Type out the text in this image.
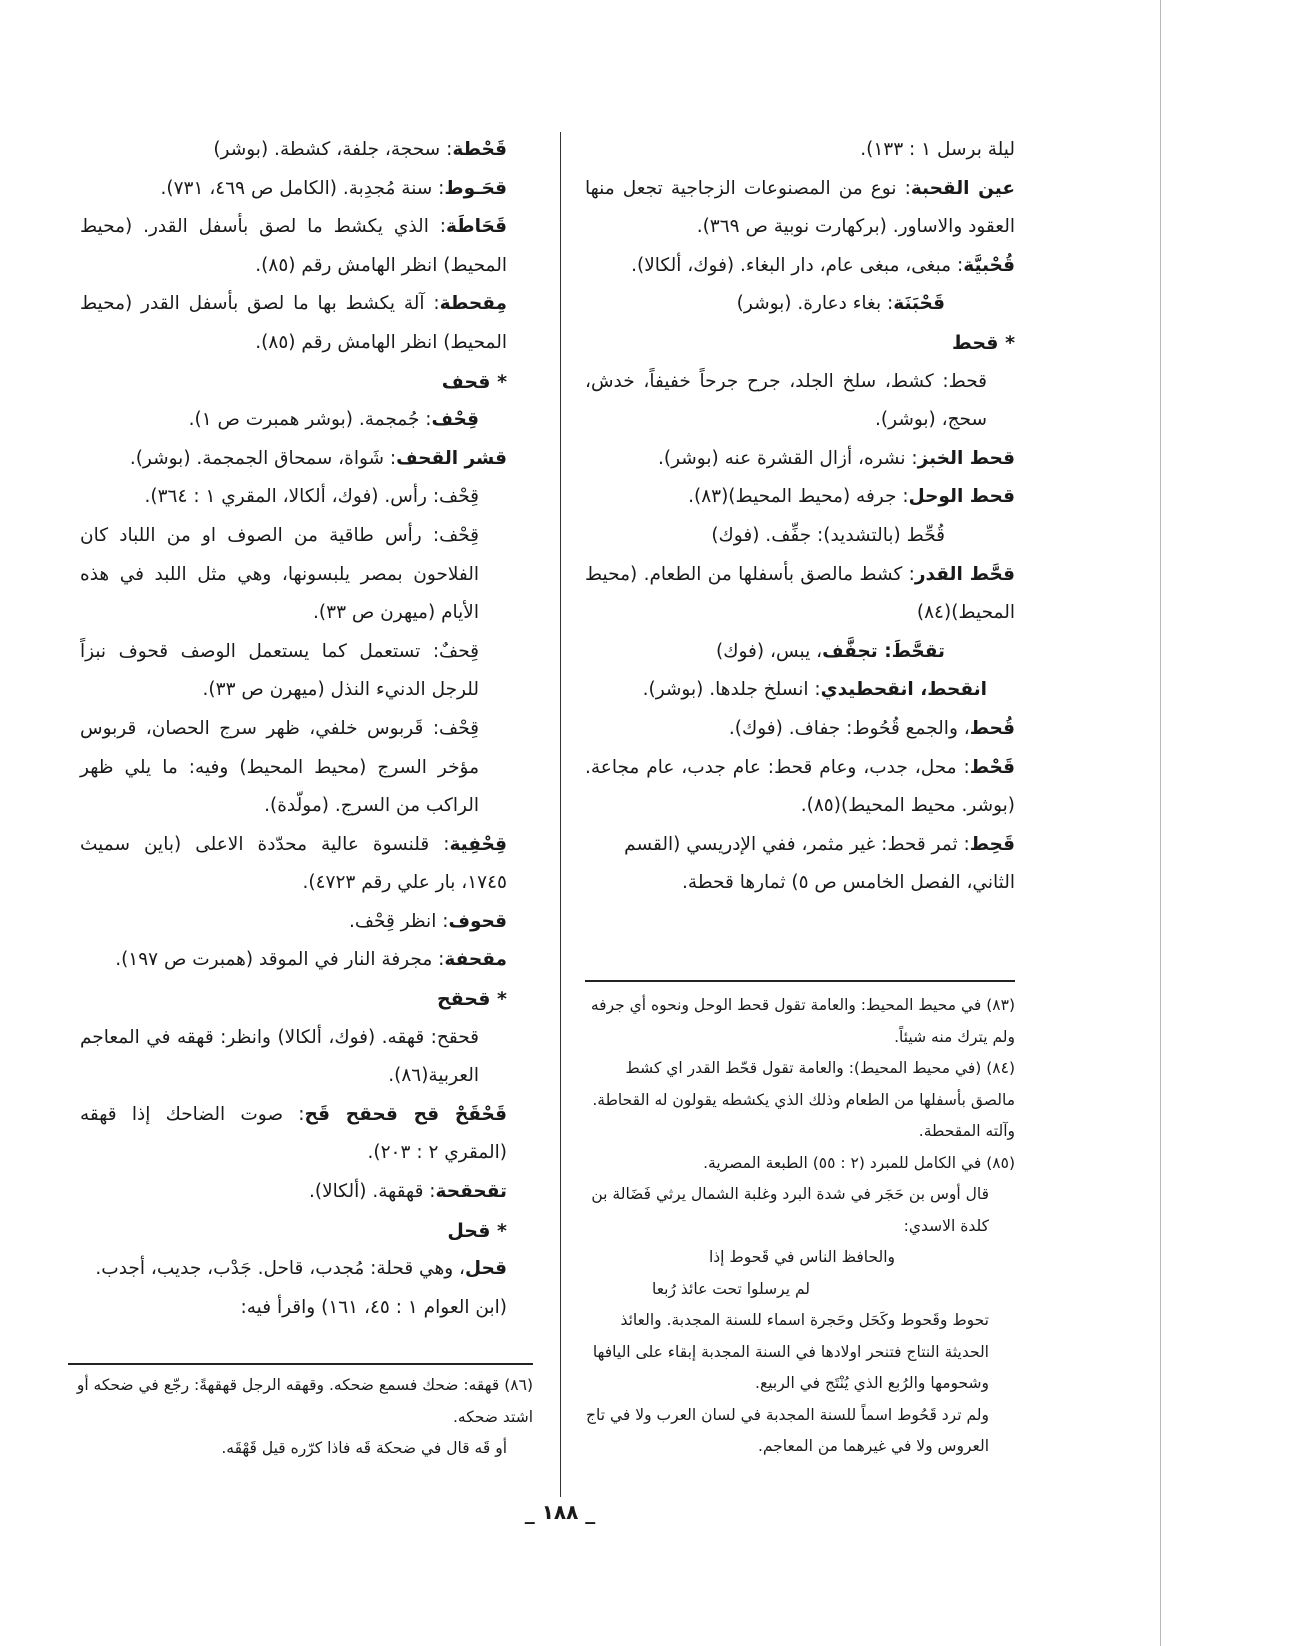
ليلة برسل ١ : ١٣٣).

عين القحبة: نوع من المصنوعات الزجاجية تجعل منها العقود والاساور. (بركهارت نوبية ص ٣٦٩).

قُحْبيَّة: مبغى، مبغى عام، دار البغاء. (فوك، ألكالا).

قَحْبَنَة: بغاء دعارة. (بوشر)

* قحط

قحط: كشط، سلخ الجلد، جرح جرحاً خفيفاً، خدش، سحج، (بوشر).

قحط الخبز: نشره، أزال القشرة عنه (بوشر).

قحط الوحل: جرفه (محيط المحيط)(٨٣).

قُحِّط (بالتشديد): جفِّف. (فوك)

قحَّط القدر: كشط مالصق بأسفلها من الطعام. (محيط المحيط)(٨٤)

تقحَّطَ: تجفَّف، يبس، (فوك)

انقحط، انقحطيدي: انسلخ جلدها. (بوشر).

قُحط، والجمع قُحُوط: جفاف. (فوك).

قَحْط: محل، جدب، وعام قحط: عام جدب، عام مجاعة. (بوشر. محيط المحيط)(٨٥).

قَحِط: ثمر قحط: غير مثمر، ففي الإدريسي (القسم الثاني، الفصل الخامس ص ٥) ثمارها قحطة.

قَحْطة: سحجة، جلفة، كشطة. (بوشر)

قحَـوط: سنة مُجدِبة. (الكامل ص ٤٦٩، ٧٣١).

قَحَاطَة: الذي يكشط ما لصق بأسفل القدر. (محيط المحيط) انظر الهامش رقم (٨٥).

مِقحطة: آلة يكشط بها ما لصق بأسفل القدر (محيط المحيط) انظر الهامش رقم (٨٥).

* قحف

قِحْف: جُمجمة. (بوشر همبرت ص ١).

قشر القحف: شَواة، سمحاق الجمجمة. (بوشر).

قِحْف: رأس. (فوك، ألكالا، المقري ١ : ٣٦٤).

قِحْف: رأس طاقية من الصوف او من اللباد كان الفلاحون بمصر يلبسونها، وهي مثل اللبد في هذه الأيام (ميهرن ص ٣٣).

قِحفٌ: تستعمل كما يستعمل الوصف قحوف نبزاً للرجل الدنيء النذل (ميهرن ص ٣٣).

قِحْف: قَربوس خلفي، ظهر سرج الحصان، قربوس مؤخر السرج (محيط المحيط) وفيه: ما يلي ظهر الراكب من السرج. (مولّدة).

قِحْفِية: قلنسوة عالية محدّدة الاعلى (باين سميث ١٧٤٥، بار علي رقم ٤٧٢٣).

قحوف: انظر قِحْف.

مقحفة: مجرفة النار في الموقد (همبرت ص ١٩٧).

* قحقح

قحقح: قهقه. (فوك، ألكالا) وانظر: قهقه في المعاجم العربية(٨٦).

قَحْقَحْ قح قحقح قَح: صوت الضاحك إذا قهقه (المقري ٢ : ٢٠٣).

تقحقحة: قهقهة. (ألكالا).

* قحل

قحل، وهي قحلة: مُجدب، قاحل. جَدْب، جديب، أجدب. (ابن العوام ١ : ٤٥، ١٦١) واقرأ فيه:

(٨٣) في محيط المحيط: والعامة تقول قحط الوحل ونحوه أي جرفه ولم يترك منه شيئاً.

(٨٤) (في محيط المحيط): والعامة تقول قحّط القدر اي كشط مالصق بأسفلها من الطعام وذلك الذي يكشطه يقولون له القحاطة. وآلته المقحطة.

(٨٥) في الكامل للمبرد (٢ : ٥٥) الطبعة المصرية.

قال أوس بن حَجَر في شدة البرد وغلبة الشمال يرثي فَضَالة بن كلدة الاسدي:

والحافظ الناس في قَحوط إذا

لم يرسلوا تحت عائذ رُبعا

تحوط وقَحوط وكَحَل وحَجرة اسماء للسنة المجدبة. والعائذ الحديثة النتاج فتنحر اولادها في السنة المجدبة إبقاء على اليافها وشحومها والرُبع الذي يُنْتَج في الربيع.

ولم ترد قَحُوط اسماً للسنة المجدبة في لسان العرب ولا في تاج العروس ولا في غيرهما من المعاجم.

(٨٦) قهقه: ضحك فسمع ضحكه. وقهقه الرجل قهقهةً: رجّع في ضحكه أو اشتد ضحكه.

أو قَه قال في ضحكة قَه فاذا كرّره قيل قَهْقَه.

_ ١٨٨ _
